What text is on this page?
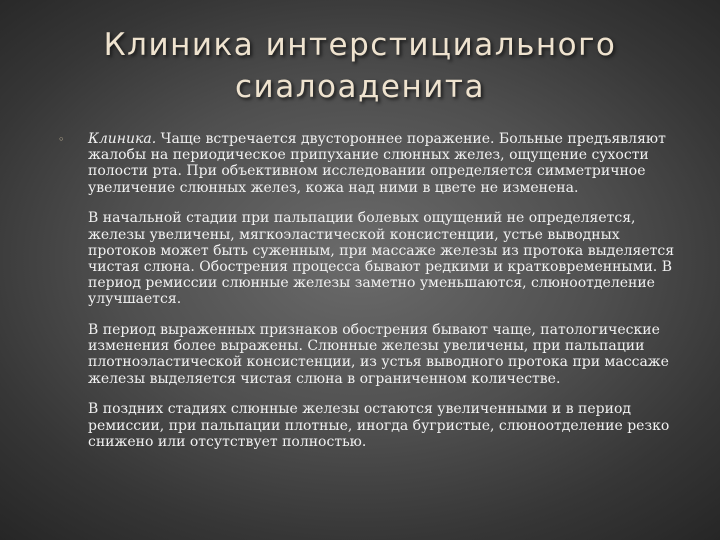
Клиника интерстициального сиалоаденита
◦ Клиника. Чаще встречается двустороннее поражение. Больные предъявляют жалобы на периодическое припухание слюнных желез, ощущение сухости полости рта. При объективном исследовании определяется симметричное увеличение слюнных желез, кожа над ними в цвете не изменена.

В начальной стадии при пальпации болевых ощущений не определяется, железы увеличены, мягкоэластической консистенции, устье выводных протоков может быть суженным, при массаже железы из протока выделяется чистая слюна. Обострения процесса бывают редкими и кратковременными. В период ремиссии слюнные железы заметно уменьшаются, слюноотделение улучшается.

В период выраженных признаков обострения бывают чаще, патологические изменения более выражены. Слюнные железы увеличены, при пальпации плотноэластической консистенции, из устья выводного протока при массаже железы выделяется чистая слюна в ограниченном количестве.

В поздних стадиях слюнные железы остаются увеличенными и в период ремиссии, при пальпации плотные, иногда бугристые, слюноотделение резко снижено или отсутствует полностью.
